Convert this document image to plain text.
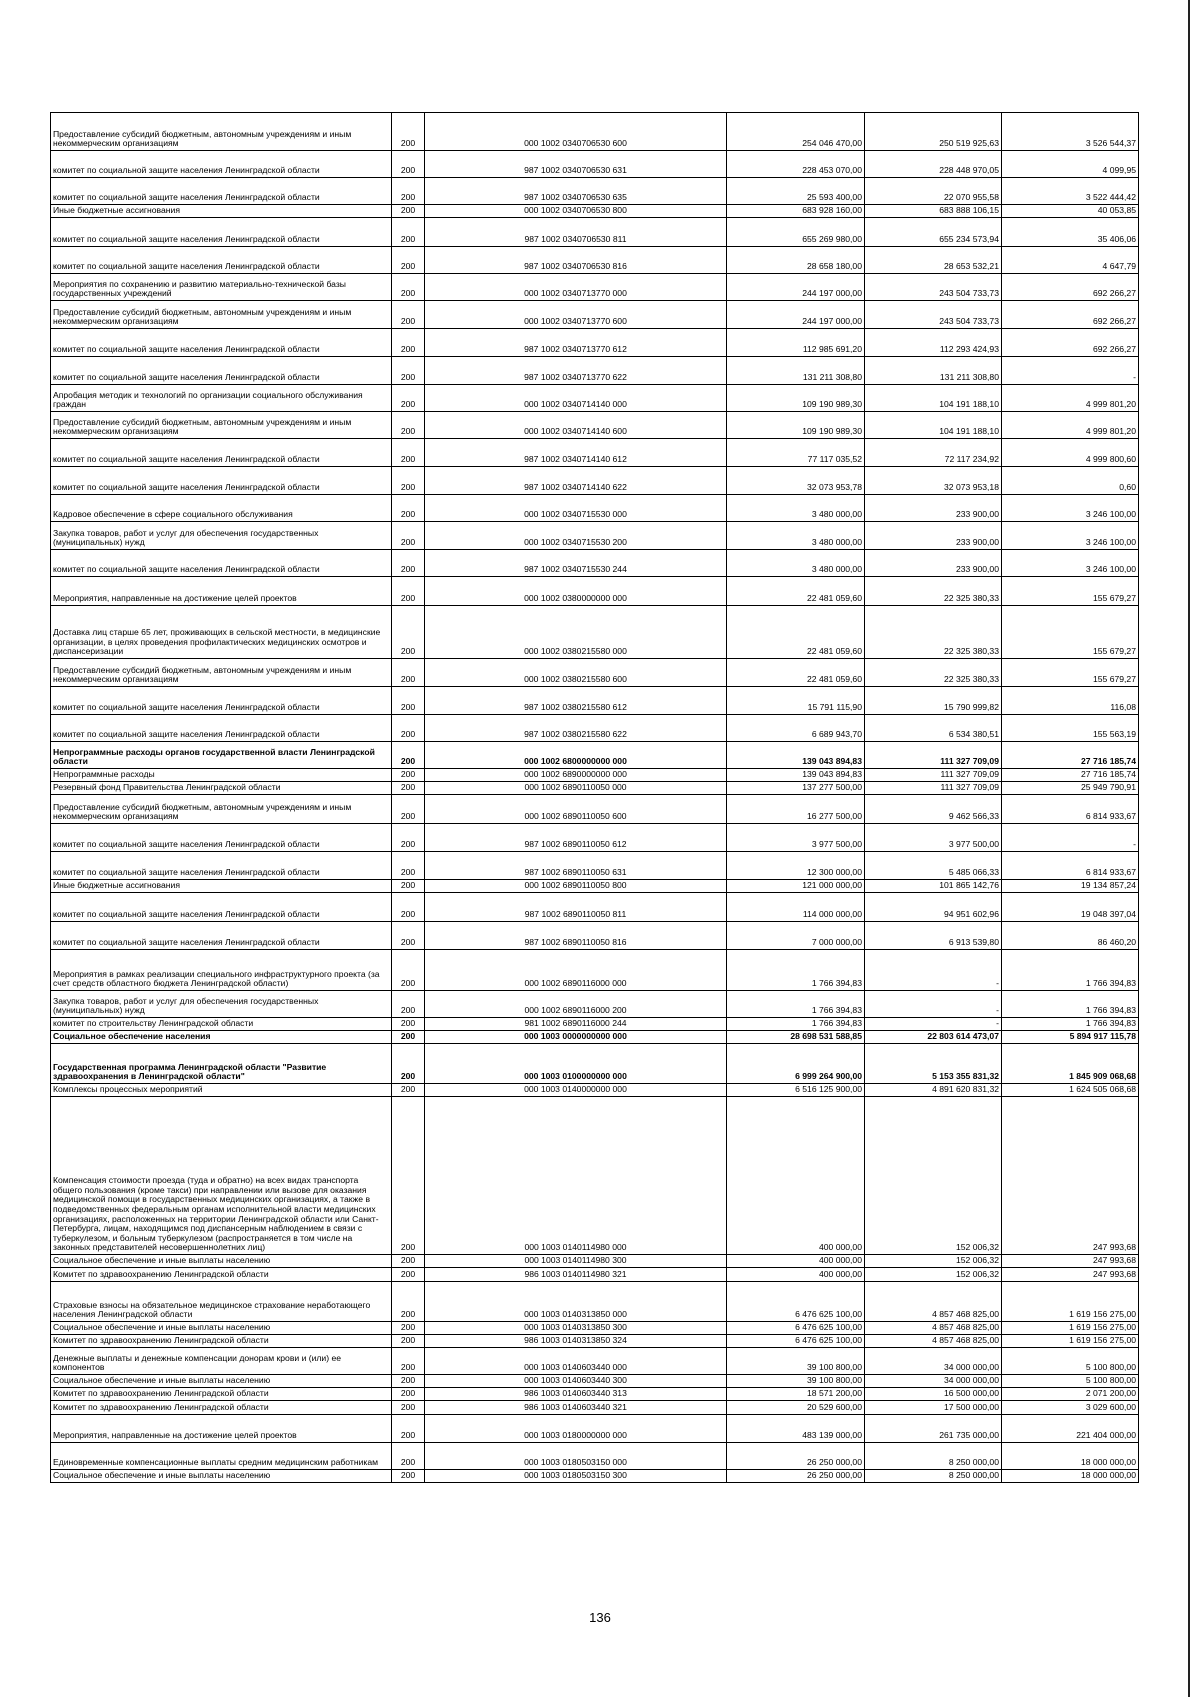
Предоставление субсидий бюджетным, автономным учреждениям и иным некоммерческим организациям	200	000 1002 0340706530 600	254 046 470,00	250 519 925,63	3 526 544,37
комитет по социальной защите населения Ленинградской области	200	987 1002 0340706530 631	228 453 070,00	228 448 970,05	4 099,95
комитет по социальной защите населения Ленинградской области	200	987 1002 0340706530 635	25 593 400,00	22 070 955,58	3 522 444,42
Иные бюджетные ассигнования	200	000 1002 0340706530 800	683 928 160,00	683 888 106,15	40 053,85
комитет по социальной защите населения Ленинградской области	200	987 1002 0340706530 811	655 269 980,00	655 234 573,94	35 406,06
комитет по социальной защите населения Ленинградской области	200	987 1002 0340706530 816	28 658 180,00	28 653 532,21	4 647,79
Мероприятия по сохранению и развитию материально-технической базы государственных учреждений	200	000 1002 0340713770 000	244 197 000,00	243 504 733,73	692 266,27
Предоставление субсидий бюджетным, автономным учреждениям и иным некоммерческим организациям	200	000 1002 0340713770 600	244 197 000,00	243 504 733,73	692 266,27
комитет по социальной защите населения Ленинградской области	200	987 1002 0340713770 612	112 985 691,20	112 293 424,93	692 266,27
комитет по социальной защите населения Ленинградской области	200	987 1002 0340713770 622	131 211 308,80	131 211 308,80	-
Апробация методик и технологий по организации социального обслуживания граждан	200	000 1002 0340714140 000	109 190 989,30	104 191 188,10	4 999 801,20
Предоставление субсидий бюджетным, автономным учреждениям и иным некоммерческим организациям	200	000 1002 0340714140 600	109 190 989,30	104 191 188,10	4 999 801,20
комитет по социальной защите населения Ленинградской области	200	987 1002 0340714140 612	77 117 035,52	72 117 234,92	4 999 800,60
комитет по социальной защите населения Ленинградской области	200	987 1002 0340714140 622	32 073 953,78	32 073 953,18	0,60
Кадровое обеспечение в сфере социального обслуживания	200	000 1002 0340715530 000	3 480 000,00	233 900,00	3 246 100,00
Закупка товаров, работ и услуг для обеспечения государственных (муниципальных) нужд	200	000 1002 0340715530 200	3 480 000,00	233 900,00	3 246 100,00
комитет по социальной защите населения Ленинградской области	200	987 1002 0340715530 244	3 480 000,00	233 900,00	3 246 100,00
Мероприятия, направленные на достижение целей проектов	200	000 1002 0380000000 000	22 481 059,60	22 325 380,33	155 679,27
Доставка лиц старше 65 лет, проживающих в сельской местности, в медицинские организации, в целях проведения профилактических медицинских осмотров и диспансеризации	200	000 1002 0380215580 000	22 481 059,60	22 325 380,33	155 679,27
Предоставление субсидий бюджетным, автономным учреждениям и иным некоммерческим организациям	200	000 1002 0380215580 600	22 481 059,60	22 325 380,33	155 679,27
комитет по социальной защите населения Ленинградской области	200	987 1002 0380215580 612	15 791 115,90	15 790 999,82	116,08
комитет по социальной защите населения Ленинградской области	200	987 1002 0380215580 622	6 689 943,70	6 534 380,51	155 563,19
Непрограммные расходы органов государственной власти Ленинградской области	200	000 1002 6800000000 000	139 043 894,83	111 327 709,09	27 716 185,74
Непрограммные расходы	200	000 1002 6890000000 000	139 043 894,83	111 327 709,09	27 716 185,74
Резервный фонд Правительства Ленинградской области	200	000 1002 6890110050 000	137 277 500,00	111 327 709,09	25 949 790,91
Предоставление субсидий бюджетным, автономным учреждениям и иным некоммерческим организациям	200	000 1002 6890110050 600	16 277 500,00	9 462 566,33	6 814 933,67
комитет по социальной защите населения Ленинградской области	200	987 1002 6890110050 612	3 977 500,00	3 977 500,00	-
комитет по социальной защите населения Ленинградской области	200	987 1002 6890110050 631	12 300 000,00	5 485 066,33	6 814 933,67
Иные бюджетные ассигнования	200	000 1002 6890110050 800	121 000 000,00	101 865 142,76	19 134 857,24
комитет по социальной защите населения Ленинградской области	200	987 1002 6890110050 811	114 000 000,00	94 951 602,96	19 048 397,04
комитет по социальной защите населения Ленинградской области	200	987 1002 6890110050 816	7 000 000,00	6 913 539,80	86 460,20
Мероприятия в рамках реализации специального инфраструктурного проекта (за счет средств областного бюджета Ленинградской области)	200	000 1002 6890116000 000	1 766 394,83	-	1 766 394,83
Закупка товаров, работ и услуг для обеспечения государственных (муниципальных) нужд	200	000 1002 6890116000 200	1 766 394,83	-	1 766 394,83
комитет по строительству Ленинградской области	200	981 1002 6890116000 244	1 766 394,83	-	1 766 394,83
Социальное обеспечение населения	200	000 1003 0000000000 000	28 698 531 588,85	22 803 614 473,07	5 894 917 115,78
Государственная программа Ленинградской области "Развитие здравоохранения в Ленинградской области"	200	000 1003 0100000000 000	6 999 264 900,00	5 153 355 831,32	1 845 909 068,68
Комплексы процессных мероприятий	200	000 1003 0140000000 000	6 516 125 900,00	4 891 620 831,32	1 624 505 068,68
Компенсация стоимости проезда (туда и обратно) на всех видах транспорта общего пользования (кроме такси) при направлении или вызове для оказания медицинской помощи в государственных медицинских организациях, а также в подведомственных федеральным органам исполнительной власти медицинских организациях, расположенных на территории Ленинградской области или Санкт-Петербурга, лицам, находящимся под диспансерным наблюдением в связи с туберкулезом, и больным туберкулезом (распространяется в том числе на законных представителей несовершеннолетних лиц)	200	000 1003 0140114980 000	400 000,00	152 006,32	247 993,68
Социальное обеспечение и иные выплаты населению	200	000 1003 0140114980 300	400 000,00	152 006,32	247 993,68
Комитет по здравоохранению Ленинградской области	200	986 1003 0140114980 321	400 000,00	152 006,32	247 993,68
Страховые взносы на обязательное медицинское страхование неработающего населения Ленинградской области	200	000 1003 0140313850 000	6 476 625 100,00	4 857 468 825,00	1 619 156 275,00
Социальное обеспечение и иные выплаты населению	200	000 1003 0140313850 300	6 476 625 100,00	4 857 468 825,00	1 619 156 275,00
Комитет по здравоохранению Ленинградской области	200	986 1003 0140313850 324	6 476 625 100,00	4 857 468 825,00	1 619 156 275,00
Денежные выплаты и денежные компенсации донорам крови и (или) ее компонентов	200	000 1003 0140603440 000	39 100 800,00	34 000 000,00	5 100 800,00
Социальное обеспечение и иные выплаты населению	200	000 1003 0140603440 300	39 100 800,00	34 000 000,00	5 100 800,00
Комитет по здравоохранению Ленинградской области	200	986 1003 0140603440 313	18 571 200,00	16 500 000,00	2 071 200,00
Комитет по здравоохранению Ленинградской области	200	986 1003 0140603440 321	20 529 600,00	17 500 000,00	3 029 600,00
Мероприятия, направленные на достижение целей проектов	200	000 1003 0180000000 000	483 139 000,00	261 735 000,00	221 404 000,00
Единовременные компенсационные выплаты средним медицинским работникам	200	000 1003 0180503150 000	26 250 000,00	8 250 000,00	18 000 000,00
Социальное обеспечение и иные выплаты населению	200	000 1003 0180503150 300	26 250 000,00	8 250 000,00	18 000 000,00
136
